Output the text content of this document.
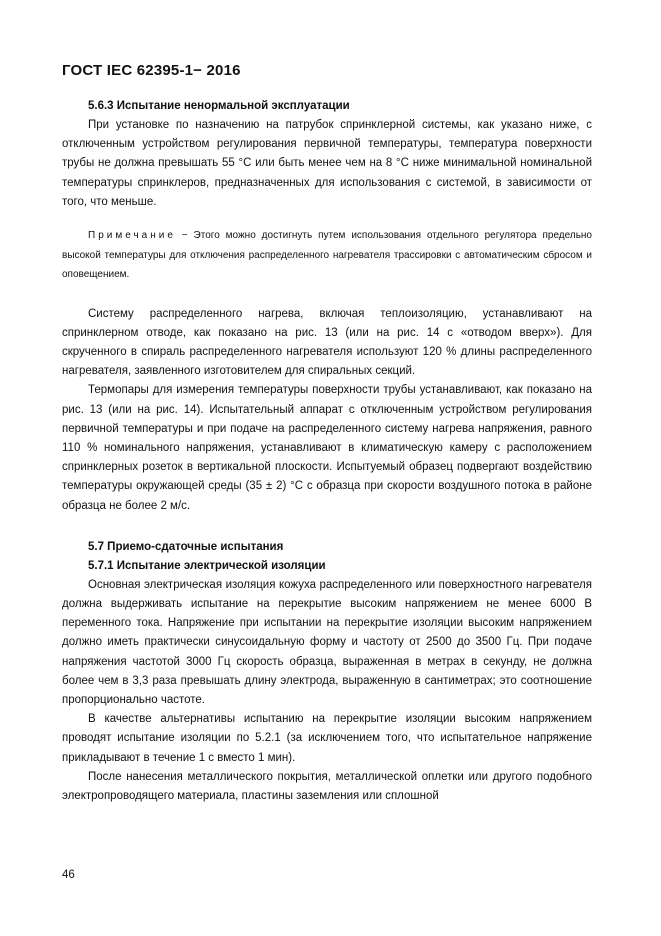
ГОСТ IEC 62395-1− 2016

5.6.3 Испытание ненормальной эксплуатации

При установке по назначению на патрубок спринклерной системы, как указано ниже, с отключенным устройством регулирования первичной температуры, температура поверхности трубы не должна превышать 55 °С или быть менее чем на 8 °С ниже минимальной номинальной температуры спринклеров, предназначенных для использования с системой, в зависимости от того, что меньше.

Примечание − Этого можно достигнуть путем использования отдельного регулятора предельно высокой температуры для отключения распределенного нагревателя трассировки с автоматическим сбросом и оповещением.

Систему распределенного нагрева, включая теплоизоляцию, устанавливают на спринклерном отводе, как показано на рис. 13 (или на рис. 14 с «отводом вверх»). Для скрученного в спираль распределенного нагревателя используют 120 % длины распределенного нагревателя, заявленного изготовителем для спиральных секций.

Термопары для измерения температуры поверхности трубы устанавливают, как показано на рис. 13 (или на рис. 14). Испытательный аппарат с отключенным устройством регулирования первичной температуры и при подаче на распределенного систему нагрева напряжения, равного 110 % номинального напряжения, устанавливают в климатическую камеру с расположением спринклерных розеток в вертикальной плоскости. Испытуемый образец подвергают воздействию температуры окружающей среды (35 ± 2) °С с образца при скорости воздушного потока в районе образца не более 2 м/с.

5.7 Приемо-сдаточные испытания

5.7.1 Испытание электрической изоляции

Основная электрическая изоляция кожуха распределенного или поверхностного нагревателя должна выдерживать испытание на перекрытие высоким напряжением не менее 6000 В переменного тока. Напряжение при испытании на перекрытие изоляции высоким напряжением должно иметь практически синусоидальную форму и частоту от 2500 до 3500 Гц. При подаче напряжения частотой 3000 Гц скорость образца, выраженная в метрах в секунду, не должна более чем в 3,3 раза превышать длину электрода, выраженную в сантиметрах; это соотношение пропорционально частоте.

В качестве альтернативы испытанию на перекрытие изоляции высоким напряжением проводят испытание изоляции по 5.2.1 (за исключением того, что испытательное напряжение прикладывают в течение 1 с вместо 1 мин).

После нанесения металлического покрытия, металлической оплетки или другого подобного электропроводящего материала, пластины заземления или сплошной

46
